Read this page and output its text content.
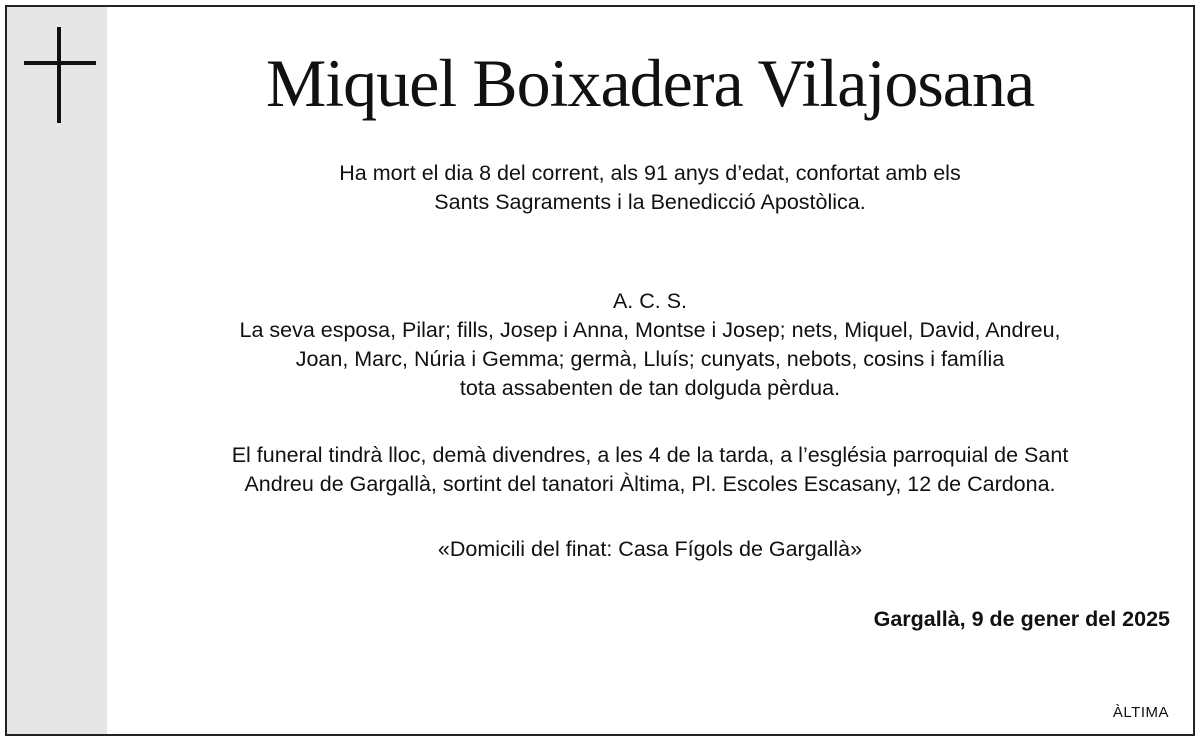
Miquel Boixadera Vilajosana
Ha mort el dia 8 del corrent, als 91 anys d’edat, confortat amb els
Sants Sagraments i la Benedicció Apostòlica.
A. C. S.
La seva esposa, Pilar; fills, Josep i Anna, Montse i Josep; nets, Miquel, David, Andreu,
Joan, Marc, Núria i Gemma; germà, Lluís; cunyats, nebots, cosins i família
tota assabenten de tan dolguda pèrdua.
El funeral tindrà lloc, demà divendres, a les 4 de la tarda, a l’església parroquial de Sant
Andreu de Gargallà, sortint del tanatori Àltima, Pl. Escoles Escasany, 12 de Cardona.
«Domicili del finat: Casa Fígols de Gargallà»
Gargallà, 9 de gener del 2025
ÀLTIMA
